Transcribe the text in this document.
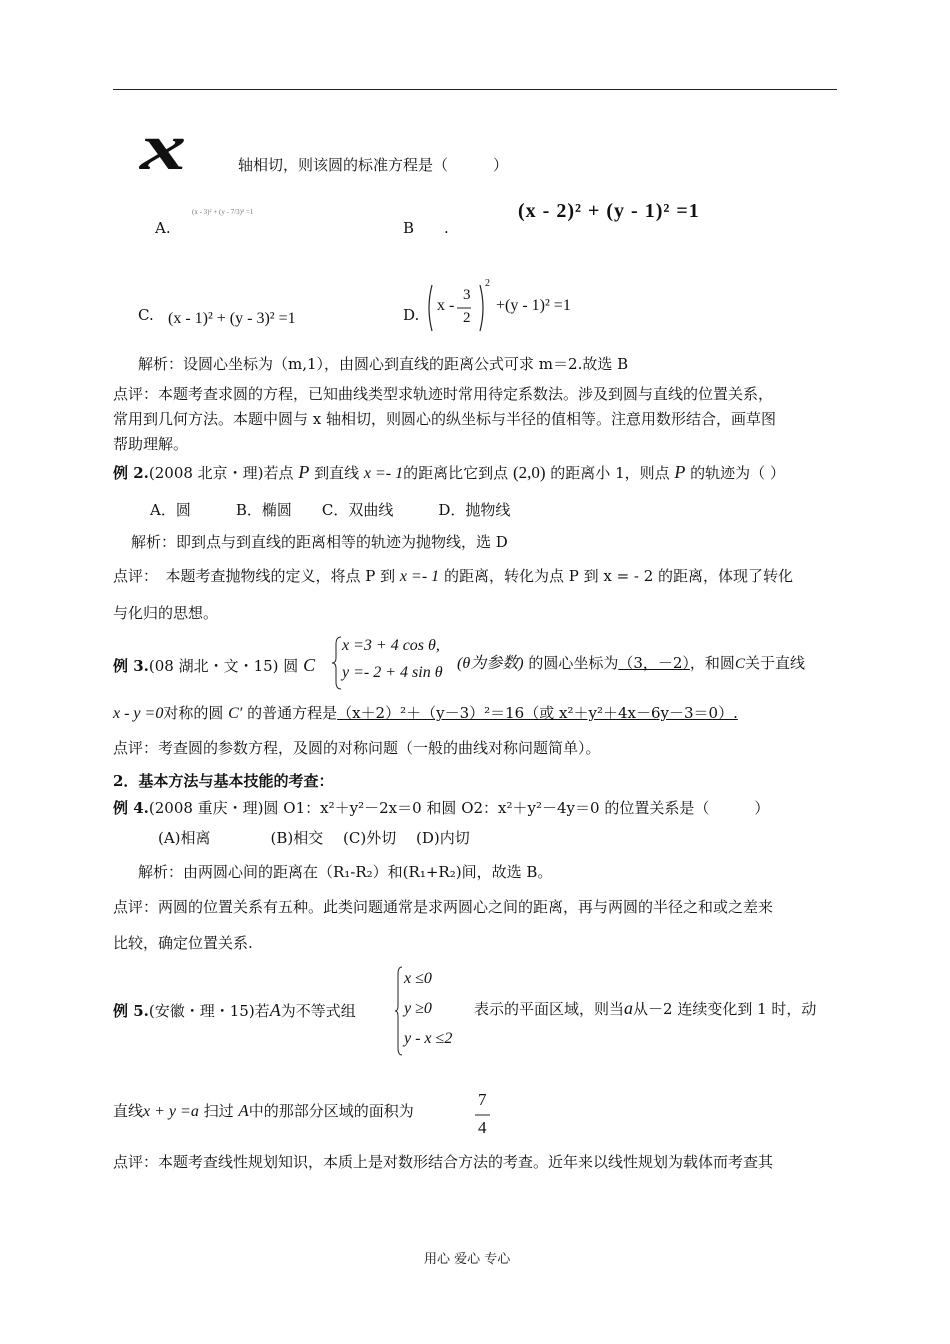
x	轴相切，则该圆的标准方程是（　　　）
A.
(x - 3)² + (y - 7/3)² =1
B　　.
(x - 2)² + (y - 1)² =1
C. (x - 1)² + (y - 3)² =1	D.
x -
3
2
2
+(y - 1)² =1
解析：设圆心坐标为（m,1），由圆心到直线的距离公式可求 m＝2.故选 B
点评：本题考查求圆的方程，已知曲线类型求轨迹时常用待定系数法。涉及到圆与直线的位置关系，
常用到几何方法。本题中圆与 x 轴相切，则圆心的纵坐标与半径的值相等。注意用数形结合，画草图
帮助理解。
例 2.(2008 北京・理)若点 P 到直线 x =- 1的距离比它到点 (2,0) 的距离小 1，则点 P 的轨迹为（ ）
A．圆　　　B．椭圆　　C．双曲线　　　D．抛物线
解析：即到点与到直线的距离相等的轨迹为抛物线，选 D
点评：　本题考查抛物线的定义，将点 P 到 x =- 1 的距离，转化为点 P 到 x = - 2 的距离，体现了转化
与化归的思想。
例 3.(08 湖北・文・15) 圆 C
x =3 + 4 cos θ,
y =- 2 + 4 sin θ
(θ为参数) 的圆心坐标为（3，－2），和圆C关于直线
x - y =0对称的圆 C′ 的普通方程是（x＋2）²＋（y－3）²＝16（或 x²＋y²＋4x－6y－3＝0）.
点评：考查圆的参数方程，及圆的对称问题（一般的曲线对称问题简单）。
2．基本方法与基本技能的考查：
例 4.(2008 重庆・理)圆 O1：x²＋y²－2x＝0 和圆 O2：x²＋y²－4y＝0 的位置关系是（　　　）
(A)相离　　　　(B)相交　 (C)外切　 (D)内切
解析：由两圆心间的距离在（R₁-R₂）和(R₁+R₂)间，故选 B。
点评：两圆的位置关系有五种。此类问题通常是求两圆心之间的距离，再与两圆的半径之和或之差来
比较，确定位置关系.
例 5.(安徽・理・15)若A为不等式组
x ≤0
y ≥0
y - x ≤2
表示的平面区域，则当a从－2 连续变化到 1 时，动
直线x + y =a 扫过 A中的那部分区域的面积为
7
4
点评：本题考查线性规划知识，本质上是对数形结合方法的考查。近年来以线性规划为载体而考查其
用心 爱心 专心
